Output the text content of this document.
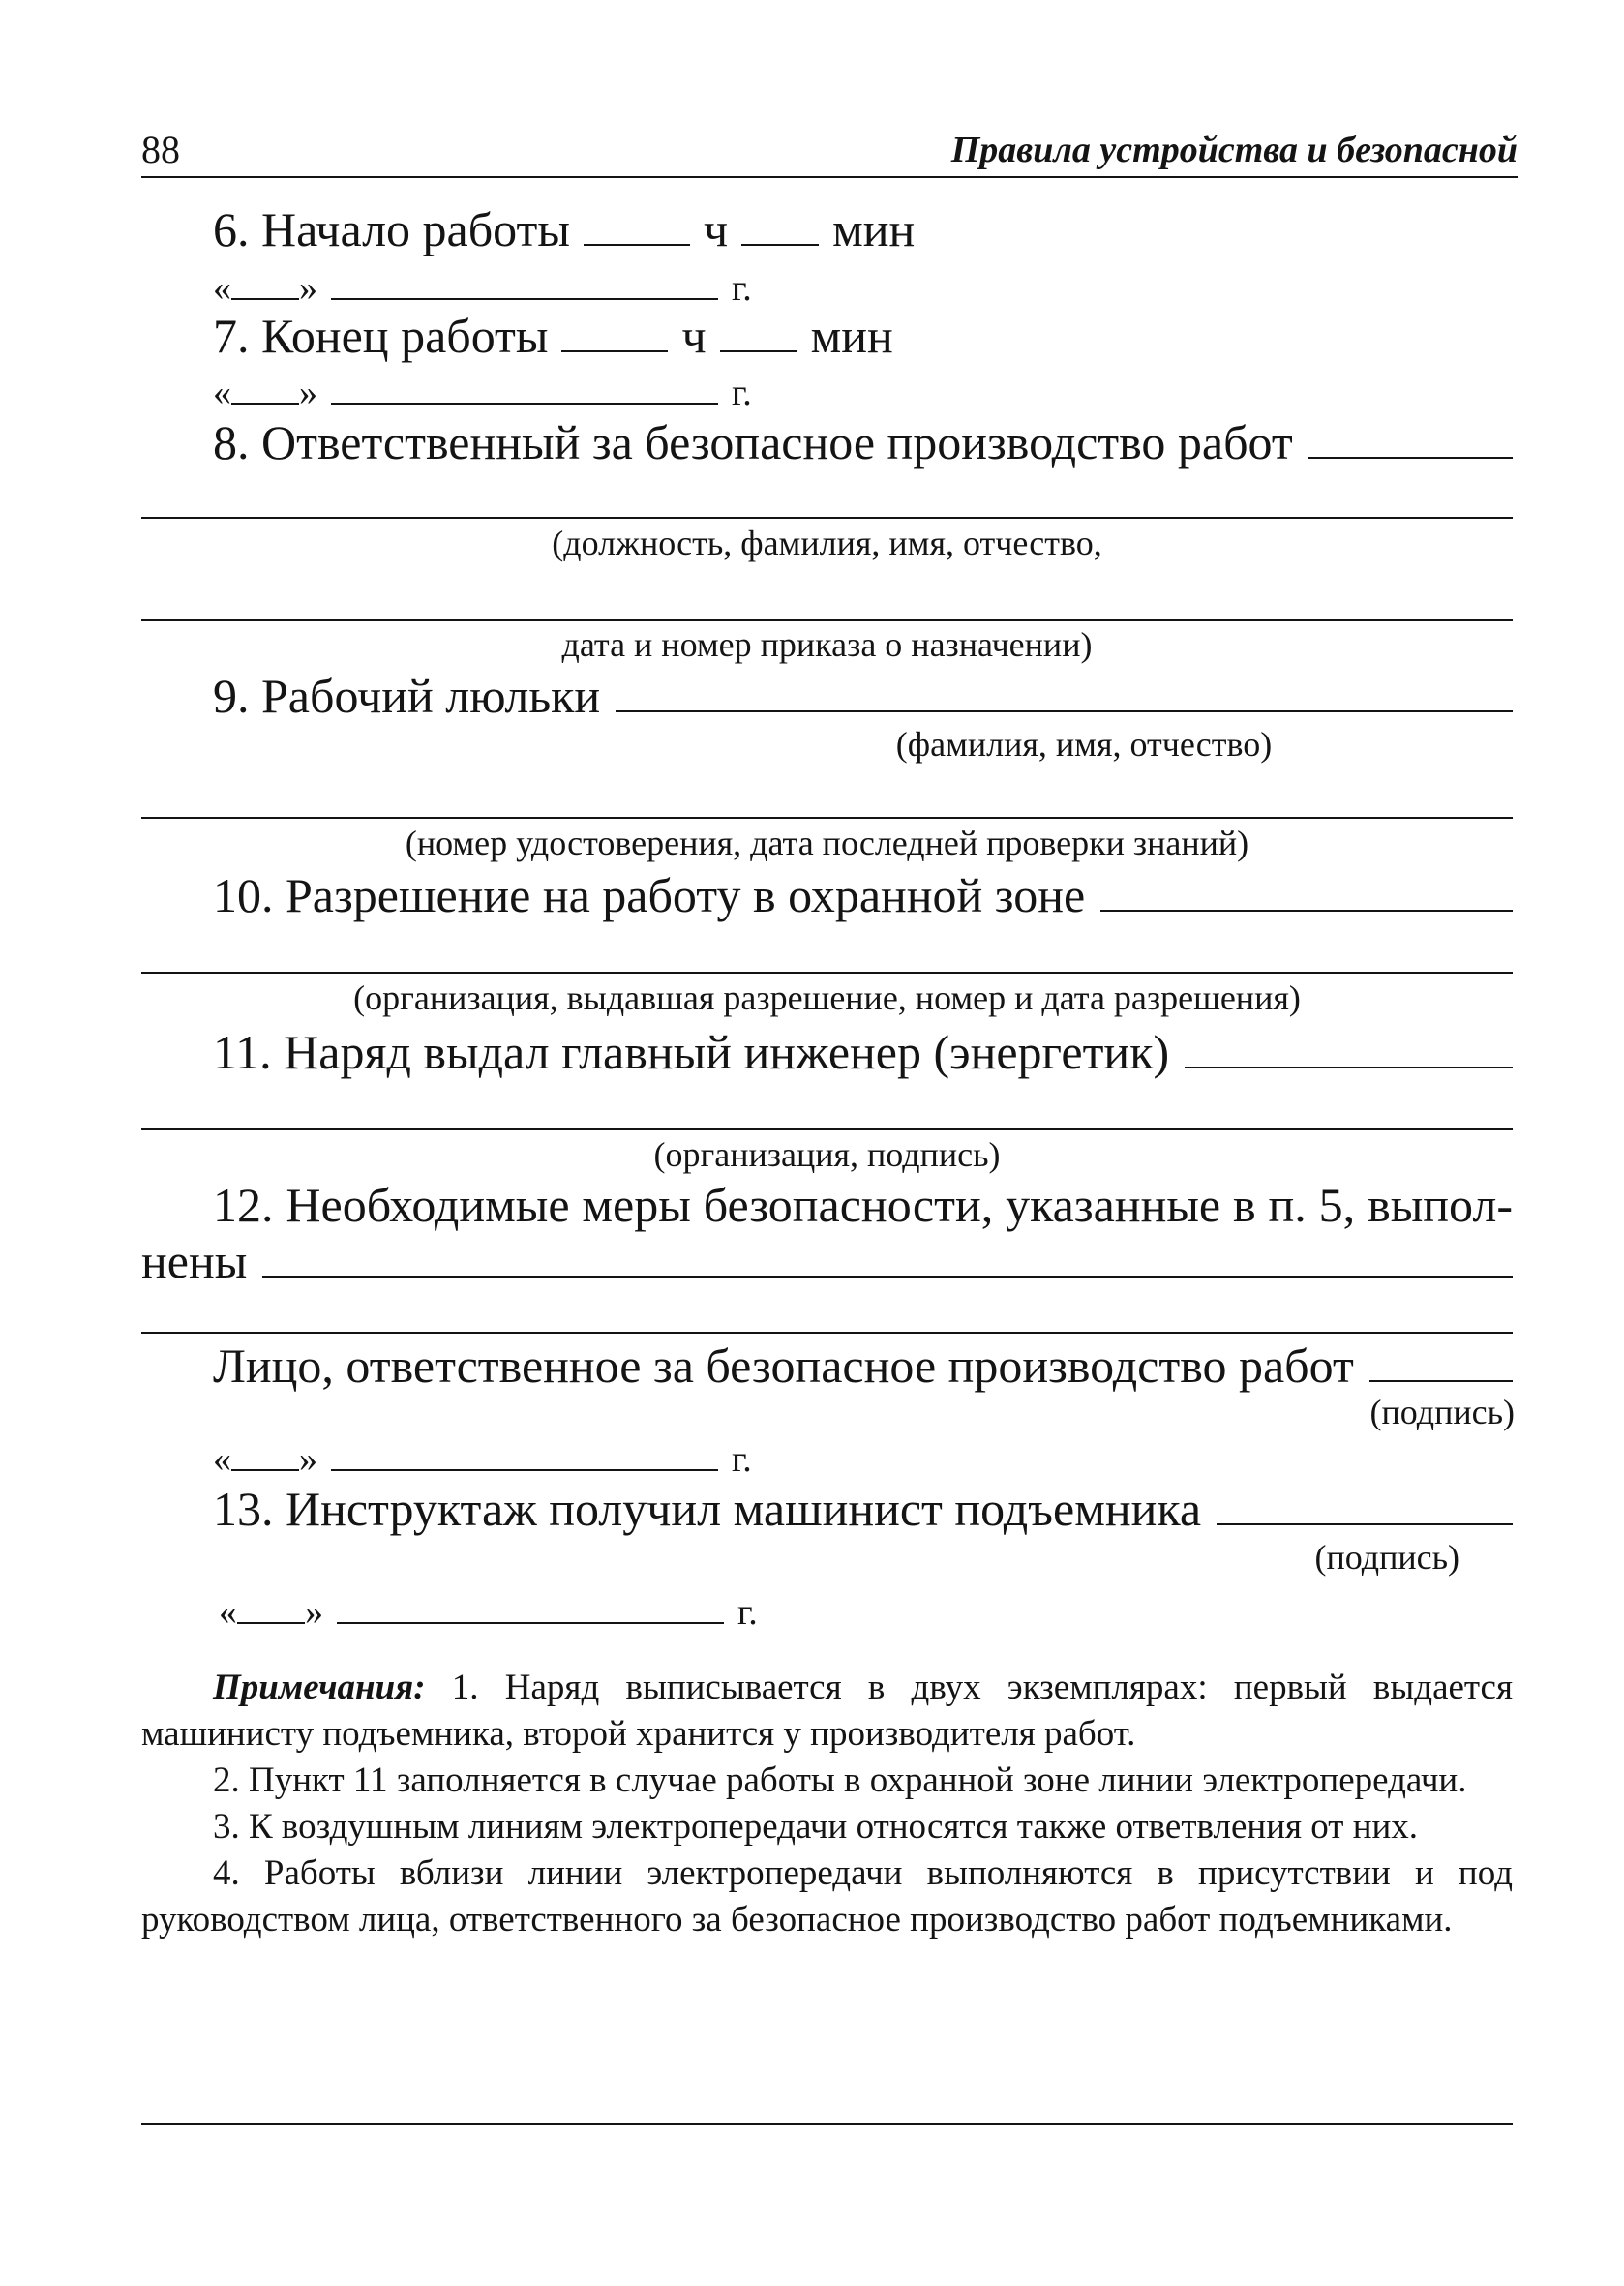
88	Правила устройства и безопасной
6. Начало работы	ч мин
« »	г.
7. Конец работы	ч мин
« »	г.
8. Ответственный за безопасное производство работ
(должность, фамилия, имя, отчество,
дата и номер приказа о назначении)
9. Рабочий люльки
(фамилия, имя, отчество)
(номер удостоверения, дата последней проверки знаний)
10. Разрешение на работу в охранной зоне
(организация, выдавшая разрешение, номер и дата разрешения)
11. Наряд выдал главный инженер (энергетик)
(организация, подпись)
12. Необходимые меры безопасности, указанные в п. 5, выпол-
нены
Лицо, ответственное за безопасное производство работ
(подпись)
« »	г.
13. Инструктаж получил машинист подъемника
(подпись)
« »	г.

Примечания: 1. Наряд выписывается в двух экземплярах: первый выдается машинисту подъемника, второй хранится у производителя работ.

2. Пункт 11 заполняется в случае работы в охранной зоне линии электропередачи.

3. К воздушным линиям электропередачи относятся также ответвления от них.

4. Работы вблизи линии электропередачи выполняются в присутствии и под руководством лица, ответственного за безопасное производство работ подъемниками.
